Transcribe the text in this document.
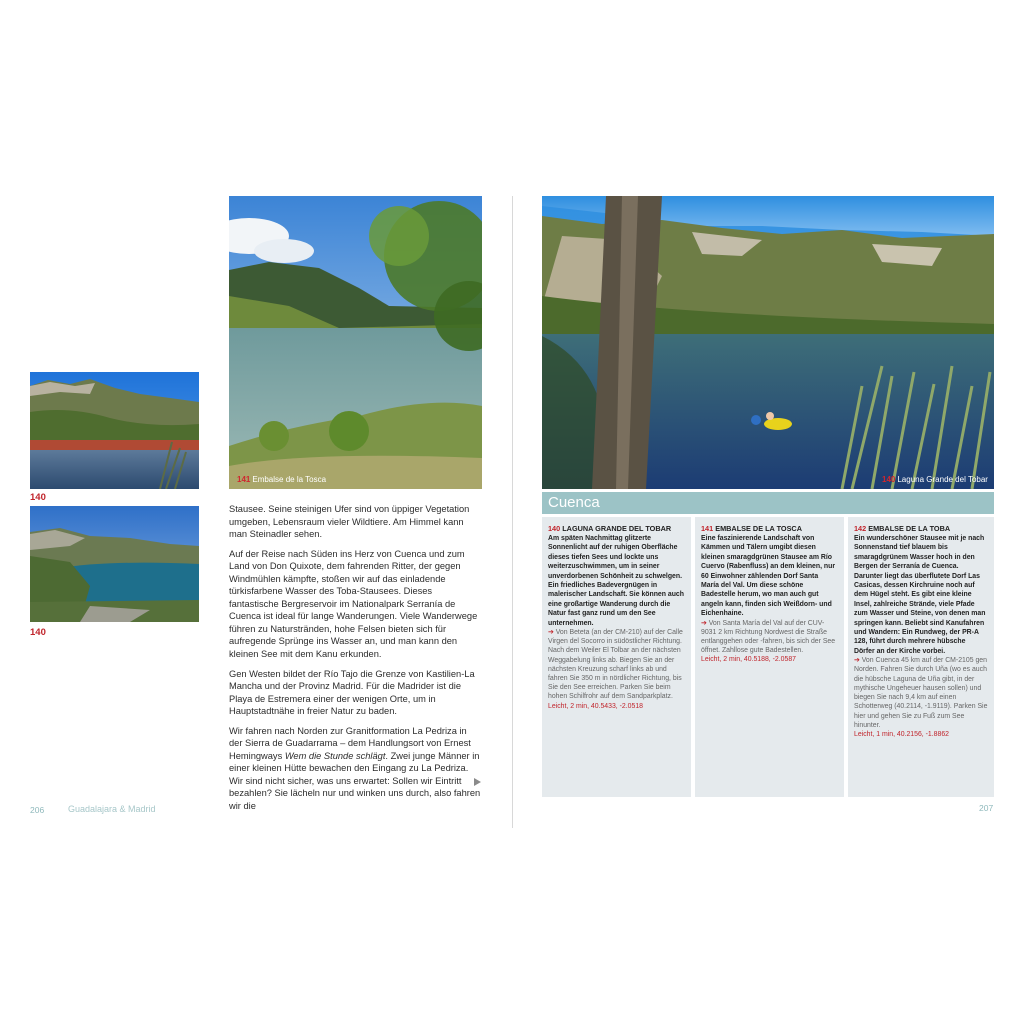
140
140
141 Embalse de la Tosca

Stausee. Seine steinigen Ufer sind von üppiger Vegetation umgeben, Lebensraum vieler Wildtiere. Am Himmel kann man Steinadler sehen.

Auf der Reise nach Süden ins Herz von Cuenca und zum Land von Don Quixote, dem fahrenden Ritter, der gegen Windmühlen kämpfte, stoßen wir auf das einladende türkisfarbene Wasser des Toba-Stausees. Dieses fantastische Bergreservoir im Nationalpark Serranía de Cuenca ist ideal für lange Wanderungen. Viele Wanderwege führen zu Naturstränden, hohe Felsen bieten sich für aufregende Sprünge ins Wasser an, und man kann den kleinen See mit dem Kanu erkunden.

Gen Westen bildet der Río Tajo die Grenze von Kastilien-La Mancha und der Provinz Madrid. Für die Madrider ist die Playa de Estremera einer der wenigen Orte, um in Hauptstadtnähe in freier Natur zu baden.

Wir fahren nach Norden zur Granitformation La Pedriza in der Sierra de Guadarrama – dem Handlungsort von Ernest Hemingways Wem die Stunde schlägt. Zwei junge Männer in einer kleinen Hütte bewachen den Eingang zu La Pedriza. Wir sind nicht sicher, was uns erwartet: Sollen wir Eintritt bezahlen? Sie lächeln nur und winken uns durch, also fahren wir die

206	Guadalajara & Madrid
140 Laguna Grande del Tobar
Cuenca
140 LAGUNA GRANDE DEL TOBAR
Am späten Nachmittag glitzerte Sonnenlicht auf der ruhigen Oberfläche dieses tiefen Sees und lockte uns weiterzuschwimmen, um in seiner unverdorbenen Schönheit zu schwelgen. Ein friedliches Badevergnügen in malerischer Landschaft. Sie können auch eine großartige Wanderung durch die Natur fast ganz rund um den See unternehmen.
➔ Von Beteta (an der CM-210) auf der Calle Virgen del Socorro in südöstlicher Richtung. Nach dem Weiler El Tolbar an der nächsten Weggabelung links ab. Biegen Sie an der nächsten Kreuzung scharf links ab und fahren Sie 350 m in nördlicher Richtung, bis Sie den See erreichen. Parken Sie beim hohen Schilfrohr auf dem Sandparkplatz.
Leicht, 2 min, 40.5433, -2.0518
141 EMBALSE DE LA TOSCA
Eine faszinierende Landschaft von Kämmen und Tälern umgibt diesen kleinen smaragdgrünen Stausee am Río Cuervo (Rabenfluss) an dem kleinen, nur 60 Einwohner zählenden Dorf Santa María del Val. Um diese schöne Badestelle herum, wo man auch gut angeln kann, finden sich Weißdorn- und Eichenhaine.
➔ Von Santa María del Val auf der CUV-9031 2 km Richtung Nordwest die Straße entlanggehen oder -fahren, bis sich der See öffnet. Zahllose gute Badestellen.
Leicht, 2 min, 40.5188, -2.0587
142 EMBALSE DE LA TOBA
Ein wunderschöner Stausee mit je nach Sonnenstand tief blauem bis smaragdgrünem Wasser hoch in den Bergen der Serranía de Cuenca. Darunter liegt das überflutete Dorf Las Casicas, dessen Kirchruine noch auf dem Hügel steht. Es gibt eine kleine Insel, zahlreiche Strände, viele Pfade zum Wasser und Steine, von denen man springen kann. Beliebt sind Kanufahren und Wandern: Ein Rundweg, der PR-A 128, führt durch mehrere hübsche Dörfer an der Kirche vorbei.
➔ Von Cuenca 45 km auf der CM-2105 gen Norden. Fahren Sie durch Uña (wo es auch die hübsche Laguna de Uña gibt, in der mythische Ungeheuer hausen sollen) und biegen Sie nach 9,4 km auf einen Schotterweg (40.2114, -1.9119). Parken Sie hier und gehen Sie zu Fuß zum See hinunter.
Leicht, 1 min, 40.2156, -1.8862
207
